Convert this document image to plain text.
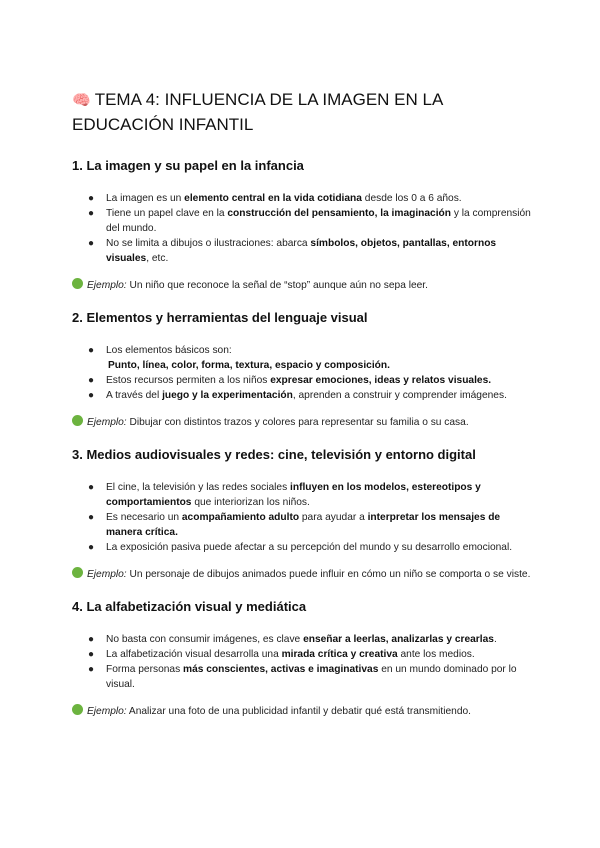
🧠 TEMA 4: INFLUENCIA DE LA IMAGEN EN LA
EDUCACIÓN INFANTIL
1. La imagen y su papel en la infancia
● La imagen es un elemento central en la vida cotidiana desde los 0 a 6 años.
● Tiene un papel clave en la construcción del pensamiento, la imaginación y la comprensión del mundo.
● No se limita a dibujos o ilustraciones: abarca símbolos, objetos, pantallas, entornos visuales, etc.

Ejemplo: Un niño que reconoce la señal de “stop” aunque aún no sepa leer.

2. Elementos y herramientas del lenguaje visual
● Los elementos básicos son:
Punto, línea, color, forma, textura, espacio y composición.
● Estos recursos permiten a los niños expresar emociones, ideas y relatos visuales.
● A través del juego y la experimentación, aprenden a construir y comprender imágenes.

Ejemplo: Dibujar con distintos trazos y colores para representar su familia o su casa.

3. Medios audiovisuales y redes: cine, televisión y entorno digital
● El cine, la televisión y las redes sociales influyen en los modelos, estereotipos y comportamientos que interiorizan los niños.
● Es necesario un acompañamiento adulto para ayudar a interpretar los mensajes de manera crítica.
● La exposición pasiva puede afectar a su percepción del mundo y su desarrollo emocional.

Ejemplo: Un personaje de dibujos animados puede influir en cómo un niño se comporta o se viste.

4. La alfabetización visual y mediática
● No basta con consumir imágenes, es clave enseñar a leerlas, analizarlas y crearlas.
● La alfabetización visual desarrolla una mirada crítica y creativa ante los medios.
● Forma personas más conscientes, activas e imaginativas en un mundo dominado por lo visual.

Ejemplo: Analizar una foto de una publicidad infantil y debatir qué está transmitiendo.
